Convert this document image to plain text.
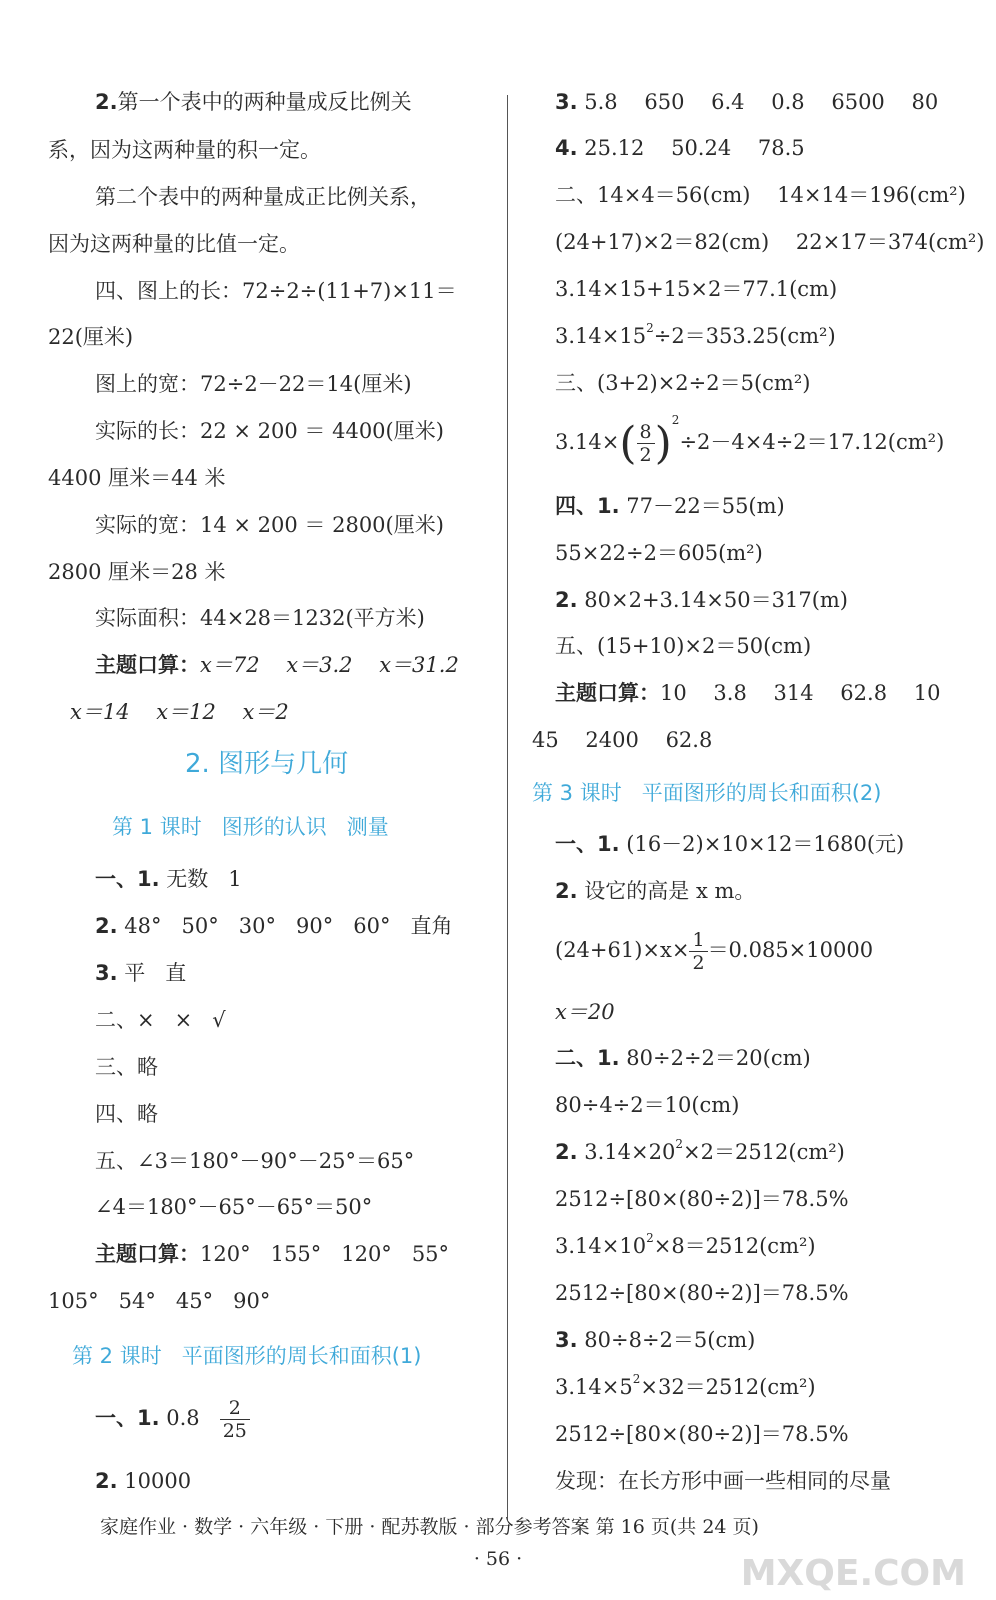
2.第一个表中的两种量成反比例关
系，因为这两种量的积一定。
第二个表中的两种量成正比例关系，
因为这两种量的比值一定。
四、图上的长：72÷2÷(11+7)×11＝
22(厘米)
图上的宽：72÷2－22＝14(厘米)
实际的长：22 × 200 ＝ 4400(厘米)
4400 厘米＝44 米
实际的宽：14 × 200 ＝ 2800(厘米)
2800 厘米＝28 米
实际面积：44×28＝1232(平方米)
主题口算：x＝72    x＝3.2    x＝31.2
x＝14    x＝12    x＝2
2. 图形与几何
第 1 课时   图形的认识   测量
一、1. 无数   1
2. 48°   50°   30°   90°   60°   直角
3. 平   直
二、×   ×   √
三、略
四、略
五、∠3＝180°－90°－25°＝65°
∠4＝180°－65°－65°＝50°
主题口算：120°   155°   120°   55°
105°   54°   45°   90°
第 2 课时   平面图形的周长和面积(1)
一、1. $0.8 \frac{2}{25}$
2. 10000
3. 5.8    650    6.4    0.8    6500    80
4. 25.12    50.24    78.5
二、14×4＝56(cm)    14×14＝196(cm²)
(24+17)×2＝82(cm)    22×17＝374(cm²)
3.14×15+15×2＝77.1(cm)
$3.14\times 15^2\div 2=353.25(cm^2)$
三、(3+2)×2÷2＝5(cm²)
$3.14\times( \frac{8}{2} )^2\div 2-4\times 4\div 2=17.12(cm^2)$
四、1. 77－22＝55(m)
55×22÷2＝605(m²)
2. 80×2+3.14×50＝317(m)
五、(15+10)×2＝50(cm)
主题口算：10    3.8    314    62.8    10
45    2400    62.8
第 3 课时   平面图形的周长和面积(2)
一、1. (16－2)×10×12＝1680(元)
2. 设它的高是 x m。
$(24+61)\times x\times \frac{1}{2} =0.085\times 10000$
x＝20
二、1. 80÷2÷2＝20(cm)
80÷4÷2＝10(cm)
2. $3.14\times 20^2\times 2=2512(cm^2)$
2512÷[80×(80÷2)]＝78.5%
$3.14\times 10^2\times 8=2512(cm^2)$
2512÷[80×(80÷2)]＝78.5%
3. 80÷8÷2＝5(cm)
$3.14\times 5^2\times 32=2512(cm^2)$
2512÷[80×(80÷2)]＝78.5%
发现：在长方形中画一些相同的尽量
家庭作业 · 数学 · 六年级 · 下册 · 配苏教版 · 部分参考答案 第 16 页(共 24 页)
· 56 ·	MXQE.COM
